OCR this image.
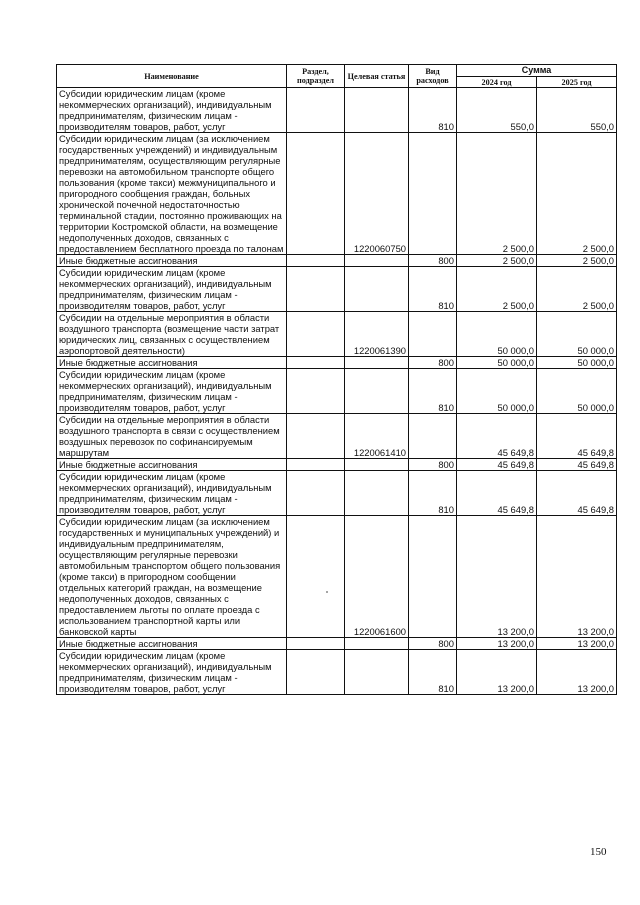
Наименование	Раздел, подраздел	Целевая статья	Вид расходов	Сумма	
				2024 год	2025 год
Субсидии юридическим лицам (кроме некоммерческих организаций), индивидуальным предпринимателям, физическим лицам - производителям товаров, работ, услуг			810	550,0	550,0
Субсидии юридическим лицам (за исключением государственных учреждений) и индивидуальным предпринимателям, осуществляющим регулярные перевозки на автомобильном транспорте общего пользования (кроме такси) межмуниципального и пригородного сообщения граждан, больных хронической почечной недостаточностью терминальной стадии, постоянно проживающих на территории Костромской области, на возмещение недополученных доходов, связанных с предоставлением бесплатного проезда по талонам		1220060750		2 500,0	2 500,0
Иные бюджетные ассигнования			800	2 500,0	2 500,0
Субсидии юридическим лицам (кроме некоммерческих организаций), индивидуальным предпринимателям, физическим лицам - производителям товаров, работ, услуг			810	2 500,0	2 500,0
Субсидии на отдельные мероприятия в области воздушного транспорта (возмещение части затрат юридических лиц, связанных с осуществлением аэропортовой деятельности)		1220061390		50 000,0	50 000,0
Иные бюджетные ассигнования			800	50 000,0	50 000,0
Субсидии юридическим лицам (кроме некоммерческих организаций), индивидуальным предпринимателям, физическим лицам - производителям товаров, работ, услуг			810	50 000,0	50 000,0
Субсидии на отдельные мероприятия в области воздушного транспорта в связи с осуществлением воздушных перевозок по софинансируемым маршрутам		1220061410		45 649,8	45 649,8
Иные бюджетные ассигнования			800	45 649,8	45 649,8
Субсидии юридическим лицам (кроме некоммерческих организаций), индивидуальным предпринимателям, физическим лицам - производителям товаров, работ, услуг			810	45 649,8	45 649,8
Субсидии юридическим лицам (за исключением государственных и муниципальных учреждений) и индивидуальным предпринимателям, осуществляющим регулярные перевозки автомобильным транспортом общего пользования (кроме такси) в пригородном сообщении отдельных категорий граждан, на возмещение недополученных доходов, связанных с предоставлением льготы по оплате проезда с использованием транспортной карты или банковской карты		1220061600		13 200,0	13 200,0
Иные бюджетные ассигнования			800	13 200,0	13 200,0
Субсидии юридическим лицам (кроме некоммерческих организаций), индивидуальным предпринимателям, физическим лицам - производителям товаров, работ, услуг			810	13 200,0	13 200,0
150
